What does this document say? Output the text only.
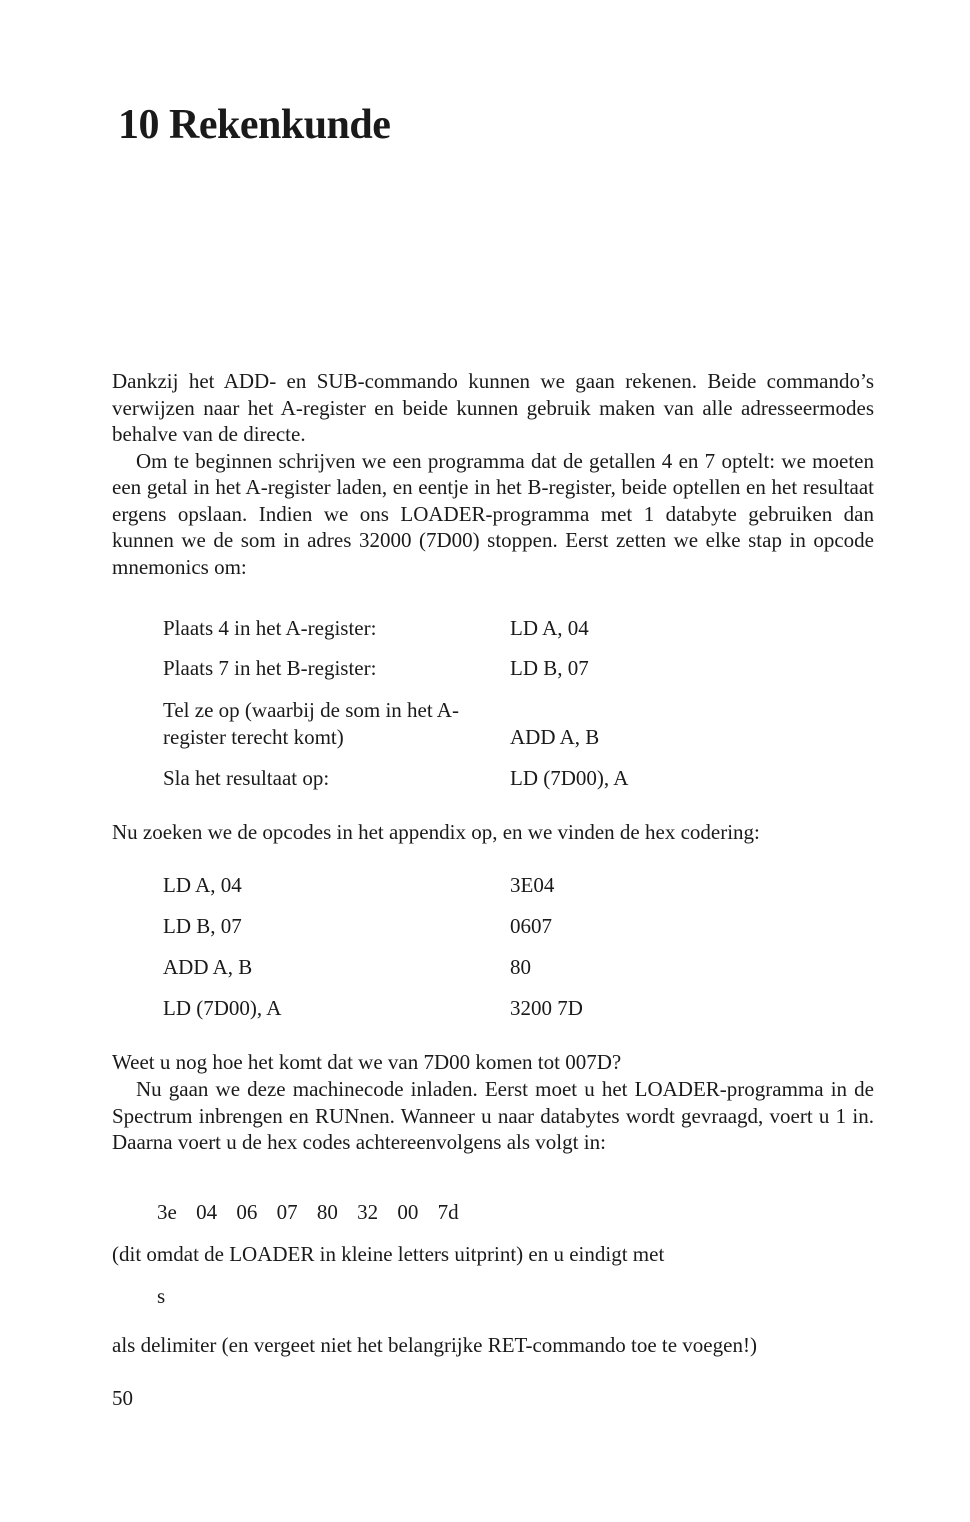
10 Rekenkunde

Dankzij het ADD- en SUB-commando kunnen we gaan rekenen. Beide commando’s verwijzen naar het A-register en beide kunnen gebruik maken van alle adresseermodes behalve van de directe.

Om te beginnen schrijven we een programma dat de getallen 4 en 7 optelt: we moeten een getal in het A-register laden, en eentje in het B-register, beide optellen en het resultaat ergens opslaan. Indien we ons LOADER-programma met 1 databyte gebruiken dan kunnen we de som in adres 32000 (7D00) stoppen. Eerst zetten we elke stap in opcode mnemonics om:

Plaats 4 in het A-register:	LD A, 04
Plaats 7 in het B-register:	LD B, 07
Tel ze op (waarbij de som in het A-register terecht komt)	ADD A, B
Sla het resultaat op:	LD (7D00), A
Nu zoeken we de opcodes in het appendix op, en we vinden de hex codering:
LD A, 04	3E04
LD B, 07	0607
ADD A, B	80
LD (7D00), A	3200 7D
Weet u nog hoe het komt dat we van 7D00 komen tot 007D?

Nu gaan we deze machinecode inladen. Eerst moet u het LOADER-programma in de Spectrum inbrengen en RUNnen. Wanneer u naar databytes wordt gevraagd, voert u 1 in. Daarna voert u de hex codes achtereenvolgens als volgt in:

3e 04 06 07 80 32 00 7d
(dit omdat de LOADER in kleine letters uitprint) en u eindigt met
s
als delimiter (en vergeet niet het belangrijke RET-commando toe te voegen!)
50
